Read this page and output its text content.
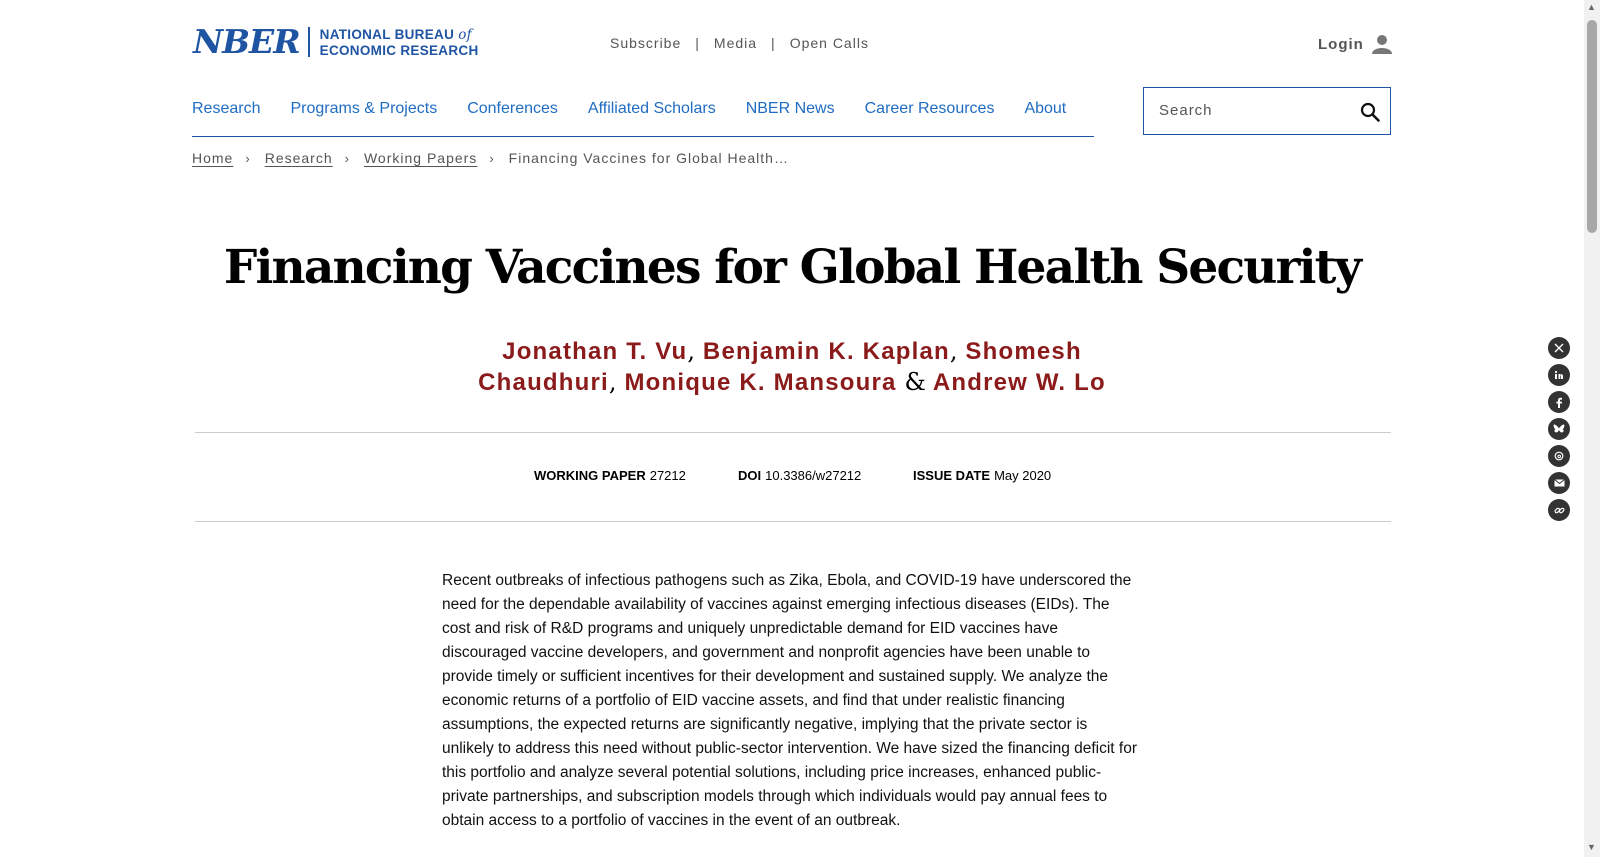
NBER NATIONAL BUREAU of
ECONOMIC RESEARCH	Subscribe | Media | Open Calls	Login
Research Programs & Projects Conferences Affiliated Scholars NBER News Career Resources About
Search
Home › Research › Working Papers › Financing Vaccines for Global Health…
Financing Vaccines for Global Health Security
Jonathan T. Vu, Benjamin K. Kaplan, Shomesh Chaudhuri, Monique K. Mansoura & Andrew W. Lo
WORKING PAPER 27212	DOI 10.3386/w27212	ISSUE DATE May 2020

Recent outbreaks of infectious pathogens such as Zika, Ebola, and COVID-19 have underscored the need for the dependable availability of vaccines against emerging infectious diseases (EIDs). The cost and risk of R&D programs and uniquely unpredictable demand for EID vaccines have discouraged vaccine developers, and government and nonprofit agencies have been unable to provide timely or sufficient incentives for their development and sustained supply. We analyze the economic returns of a portfolio of EID vaccine assets, and find that under realistic financing assumptions, the expected returns are significantly negative, implying that the private sector is unlikely to address this need without public-sector intervention. We have sized the financing deficit for this portfolio and analyze several potential solutions, including price increases, enhanced public-private partnerships, and subscription models through which individuals would pay annual fees to obtain access to a portfolio of vaccines in the event of an outbreak.

▲
▼
